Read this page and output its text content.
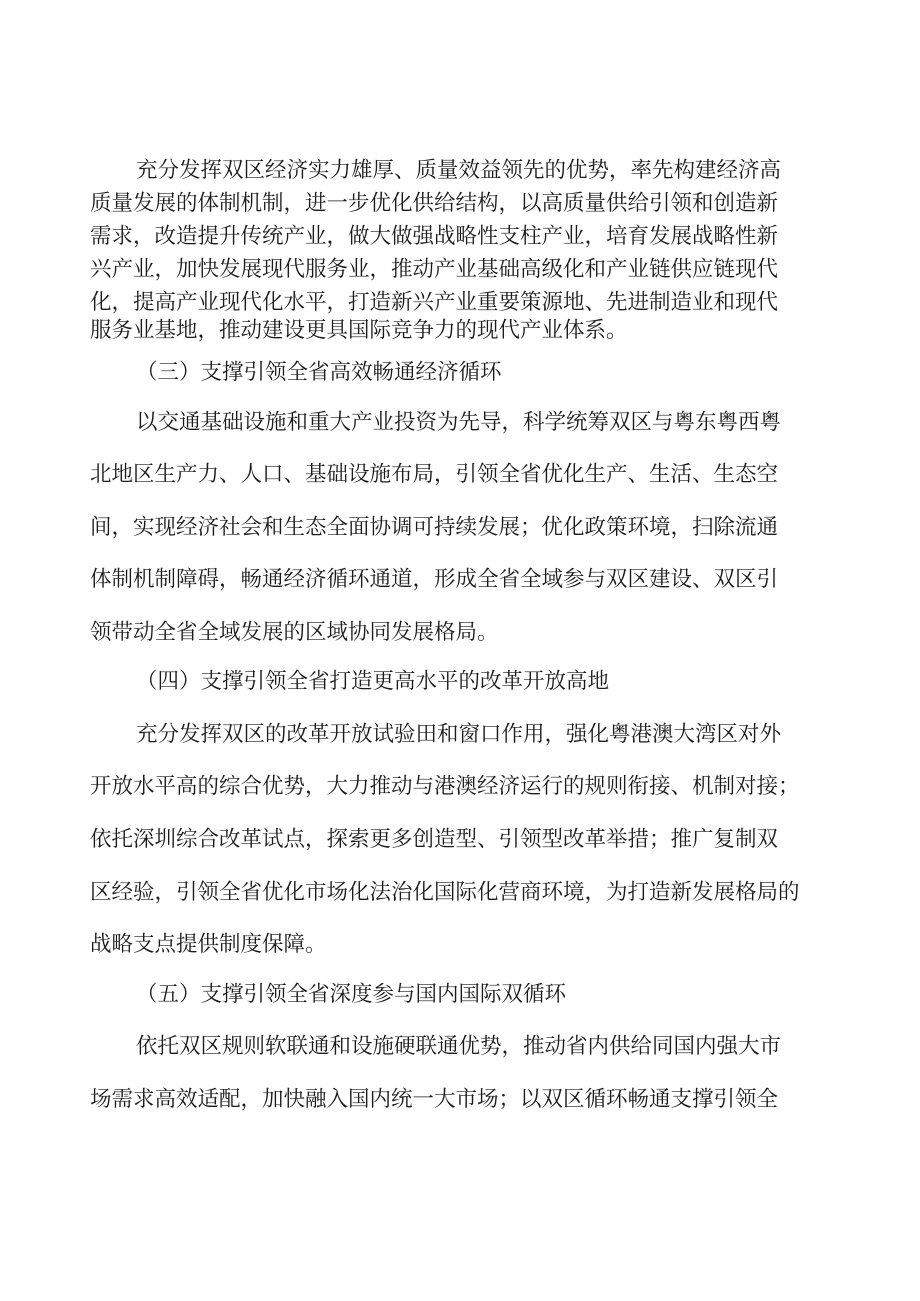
充分发挥双区经济实力雄厚、质量效益领先的优势，率先构建经济高
质量发展的体制机制，进一步优化供给结构，以高质量供给引领和创造新
需求，改造提升传统产业，做大做强战略性支柱产业，培育发展战略性新
兴产业，加快发展现代服务业，推动产业基础高级化和产业链供应链现代
化，提高产业现代化水平，打造新兴产业重要策源地、先进制造业和现代
服务业基地，推动建设更具国际竞争力的现代产业体系。
（三）支撑引领全省高效畅通经济循环
以交通基础设施和重大产业投资为先导，科学统筹双区与粤东粤西粤
北地区生产力、人口、基础设施布局，引领全省优化生产、生活、生态空
间，实现经济社会和生态全面协调可持续发展；优化政策环境，扫除流通
体制机制障碍，畅通经济循环通道，形成全省全域参与双区建设、双区引
领带动全省全域发展的区域协同发展格局。
（四）支撑引领全省打造更高水平的改革开放高地
充分发挥双区的改革开放试验田和窗口作用，强化粤港澳大湾区对外
开放水平高的综合优势，大力推动与港澳经济运行的规则衔接、机制对接；
依托深圳综合改革试点，探索更多创造型、引领型改革举措；推广复制双
区经验，引领全省优化市场化法治化国际化营商环境，为打造新发展格局的
战略支点提供制度保障。
（五）支撑引领全省深度参与国内国际双循环
依托双区规则软联通和设施硬联通优势，推动省内供给同国内强大市
场需求高效适配，加快融入国内统一大市场；以双区循环畅通支撑引领全
